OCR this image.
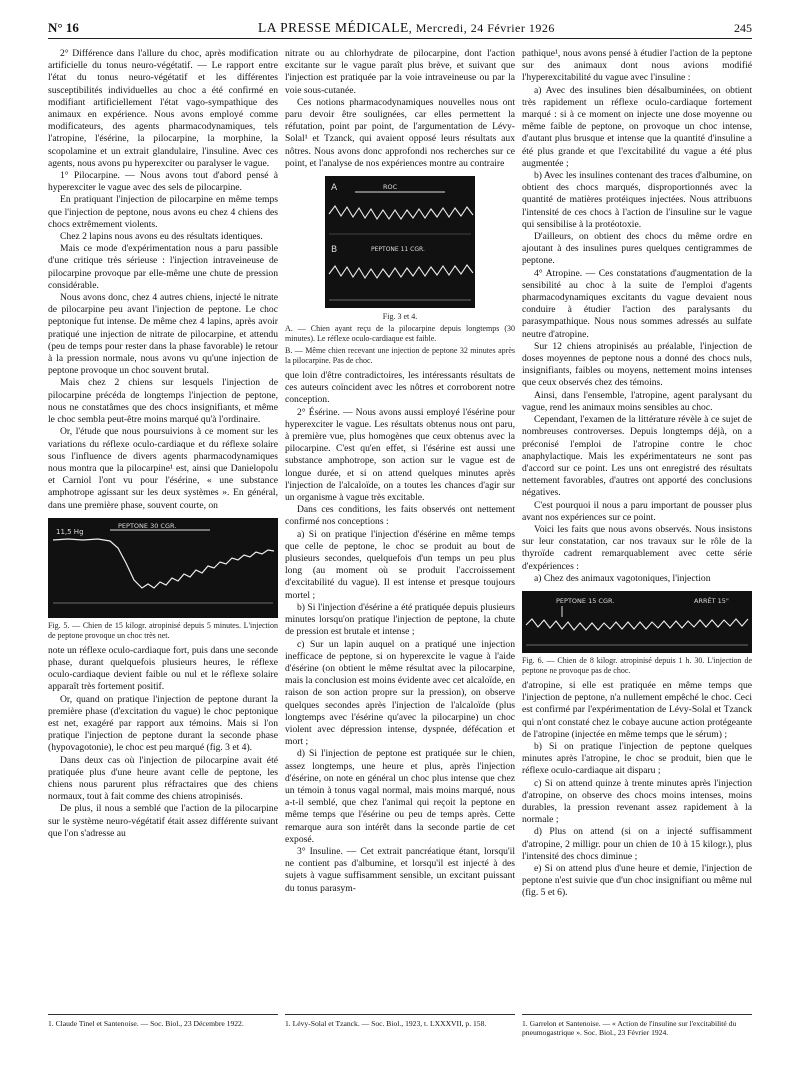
N° 16	LA PRESSE MÉDICALE, Mercredi, 24 Février 1926	245

2° Différence dans l'allure du choc, après modification artificielle du tonus neuro-végétatif. — Le rapport entre l'état du tonus neuro-végétatif et les différentes susceptibilités individuelles au choc a été confirmé en modifiant artificiellement l'état vago-sympathique des animaux en expérience. Nous avons employé comme modificateurs, des agents pharmacodynamiques, tels l'atropine, l'ésérine, la pilocarpine, la morphine, la scopolamine et un extrait glandulaire, l'insuline. Avec ces agents, nous avons pu hyperexciter ou paralyser le vague.

1° Pilocarpine. — Nous avons tout d'abord pensé à hyperexciter le vague avec des sels de pilocarpine.

En pratiquant l'injection de pilocarpine en même temps que l'injection de peptone, nous avons eu chez 4 chiens des chocs extrêmement violents.

Chez 2 lapins nous avons eu des résultats identiques.

Mais ce mode d'expérimentation nous a paru passible d'une critique très sérieuse : l'injection intraveineuse de pilocarpine provoque par elle-même une chute de pression considérable.

Nous avons donc, chez 4 autres chiens, injecté le nitrate de pilocarpine peu avant l'injection de peptone. Le choc peptonique fut intense. De même chez 4 lapins, après avoir pratiqué une injection de nitrate de pilocarpine, et attendu (peu de temps pour rester dans la phase favorable) le retour à la pression normale, nous avons vu qu'une injection de peptone provoque un choc souvent brutal.

Mais chez 2 chiens sur lesquels l'injection de pilocarpine précéda de longtemps l'injection de peptone, nous ne constatâmes que des chocs insignifiants, et même le choc sembla peut-être moins marqué qu'à l'ordinaire.

Or, l'étude que nous poursuivions à ce moment sur les variations du réflexe oculo-cardiaque et du réflexe solaire sous l'influence de divers agents pharmacodynamiques nous montra que la pilocarpine¹ est, ainsi que Danielopolu et Carniol l'ont vu pour l'ésérine, « une substance amphotrope agissant sur les deux systèmes ». En général, dans une première phase, souvent courte, on

11,5 Hg
PEPTONE 30 CGR.
Fig. 5. — Chien de 15 kilogr. atropinisé depuis 5 minutes. L'injection de peptone provoque un choc très net.

note un réflexe oculo-cardiaque fort, puis dans une seconde phase, durant quelquefois plusieurs heures, le réflexe oculo-cardiaque devient faible ou nul et le réflexe solaire apparaît très fortement positif.

Or, quand on pratique l'injection de peptone durant la première phase (d'excitation du vague) le choc peptonique est net, exagéré par rapport aux témoins. Mais si l'on pratique l'injection de peptone durant la seconde phase (hypovagotonie), le choc est peu marqué (fig. 3 et 4).

Dans deux cas où l'injection de pilocarpine avait été pratiquée plus d'une heure avant celle de peptone, les chiens nous parurent plus réfractaires que des chiens normaux, tout à fait comme des chiens atropinisés.

De plus, il nous a semblé que l'action de la pilocarpine sur le système neuro-végétatif était assez différente suivant que l'on s'adresse au

nitrate ou au chlorhydrate de pilocarpine, dont l'action excitante sur le vague paraît plus brève, et suivant que l'injection est pratiquée par la voie intraveineuse ou par la voie sous-cutanée.

Ces notions pharmacodynamiques nouvelles nous ont paru devoir être soulignées, car elles permettent la réfutation, point par point, de l'argumentation de Lévy-Solal¹ et Tzanck, qui avaient opposé leurs résultats aux nôtres. Nous avons donc approfondi nos recherches sur ce point, et l'analyse de nos expériences montre au contraire

A	ROC
B	PEPTONE 11 CGR.
Fig. 3 et 4.
A. — Chien ayant reçu de la pilocarpine depuis longtemps (30 minutes). Le réflexe oculo-cardiaque est faible.
B. — Même chien recevant une injection de peptone 32 minutes après la pilocarpine. Pas de choc.

que loin d'être contradictoires, les intéressants résultats de ces auteurs coïncident avec les nôtres et corroborent notre conception.

2° Ésérine. — Nous avons aussi employé l'ésérine pour hyperexciter le vague. Les résultats obtenus nous ont paru, à première vue, plus homogènes que ceux obtenus avec la pilocarpine. C'est qu'en effet, si l'ésérine est aussi une substance amphotrope, son action sur le vague est de longue durée, et si on attend quelques minutes après l'injection de l'alcaloïde, on a toutes les chances d'agir sur un organisme à vague très excitable.

Dans ces conditions, les faits observés ont nettement confirmé nos conceptions :

a) Si on pratique l'injection d'ésérine en même temps que celle de peptone, le choc se produit au bout de plusieurs secondes, quelquefois d'un temps un peu plus long (au moment où se produit l'accroissement d'excitabilité du vague). Il est intense et presque toujours mortel ;

b) Si l'injection d'ésérine a été pratiquée depuis plusieurs minutes lorsqu'on pratique l'injection de peptone, la chute de pression est brutale et intense ;

c) Sur un lapin auquel on a pratiqué une injection inefficace de peptone, si on hyperexcite le vague à l'aide d'ésérine (on obtient le même résultat avec la pilocarpine, mais la conclusion est moins évidente avec cet alcaloïde, en raison de son action propre sur la pression), on observe quelques secondes après l'injection de l'alcaloïde (plus longtemps avec l'ésérine qu'avec la pilocarpine) un choc violent avec dépression intense, dyspnée, défécation et mort ;

d) Si l'injection de peptone est pratiquée sur le chien, assez longtemps, une heure et plus, après l'injection d'ésérine, on note en général un choc plus intense que chez un témoin à tonus vagal normal, mais moins marqué, nous a-t-il semblé, que chez l'animal qui reçoit la peptone en même temps que l'ésérine ou peu de temps après. Cette remarque aura son intérêt dans la seconde partie de cet exposé.

3° Insuline. — Cet extrait pancréatique étant, lorsqu'il ne contient pas d'albumine, et lorsqu'il est injecté à des sujets à vague suffisamment sensible, un excitant puissant du tonus parasym-

pathique¹, nous avons pensé à étudier l'action de la peptone sur des animaux dont nous avions modifié l'hyperexcitabilité du vague avec l'insuline :

a) Avec des insulines bien désalbuminées, on obtient très rapidement un réflexe oculo-cardiaque fortement marqué : si à ce moment on injecte une dose moyenne ou même faible de peptone, on provoque un choc intense, d'autant plus brusque et intense que la quantité d'insuline a été plus grande et que l'excitabilité du vague a été plus augmentée ;

b) Avec les insulines contenant des traces d'albumine, on obtient des chocs marqués, disproportionnés avec la quantité de matières protéiques injectées. Nous attribuons l'intensité de ces chocs à l'action de l'insuline sur le vague qui sensibilise à la protéotoxie.

D'ailleurs, on obtient des chocs du même ordre en ajoutant à des insulines pures quelques centigrammes de peptone.

4° Atropine. — Ces constatations d'augmentation de la sensibilité au choc à la suite de l'emploi d'agents pharmacodynamiques excitants du vague devaient nous conduire à étudier l'action des paralysants du parasympathique. Nous nous sommes adressés au sulfate neutre d'atropine.

Sur 12 chiens atropinisés au préalable, l'injection de doses moyennes de peptone nous a donné des chocs nuls, insignifiants, faibles ou moyens, nettement moins intenses que ceux observés chez des témoins.

Ainsi, dans l'ensemble, l'atropine, agent paralysant du vague, rend les animaux moins sensibles au choc.

Cependant, l'examen de la littérature révèle à ce sujet de nombreuses controverses. Depuis longtemps déjà, on a préconisé l'emploi de l'atropine contre le choc anaphylactique. Mais les expérimentateurs ne sont pas d'accord sur ce point. Les uns ont enregistré des résultats nettement favorables, d'autres ont apporté des conclusions négatives.

C'est pourquoi il nous a paru important de pousser plus avant nos expériences sur ce point.

Voici les faits que nous avons observés. Nous insistons sur leur constatation, car nos travaux sur le rôle de la thyroïde cadrent remarquablement avec cette série d'expériences :

a) Chez des animaux vagotoniques, l'injection

PEPTONE 15 CGR.	ARRÊT 15"
Fig. 6. — Chien de 8 kilogr. atropinisé depuis 1 h. 30. L'injection de peptone ne provoque pas de choc.

d'atropine, si elle est pratiquée en même temps que l'injection de peptone, n'a nullement empêché le choc. Ceci est confirmé par l'expérimentation de Lévy-Solal et Tzanck qui n'ont constaté chez le cobaye aucune action protégeante de l'atropine (injectée en même temps que le sérum) ;

b) Si on pratique l'injection de peptone quelques minutes après l'atropine, le choc se produit, bien que le réflexe oculo-cardiaque ait disparu ;

c) Si on attend quinze à trente minutes après l'injection d'atropine, on observe des chocs moins intenses, moins durables, la pression revenant assez rapidement à la normale ;

d) Plus on attend (si on a injecté suffisamment d'atropine, 2 milligr. pour un chien de 10 à 15 kilogr.), plus l'intensité des chocs diminue ;

e) Si on attend plus d'une heure et demie, l'injection de peptone n'est suivie que d'un choc insignifiant ou même nul (fig. 5 et 6).

1. Claude Tinel et Santenoise. — Soc. Biol., 23 Décembre 1922.	1. Lévy-Solal et Tzanck. — Soc. Biol., 1923, t. LXXXVII, p. 158.	1. Garrelon et Santenoise. — « Action de l'insuline sur l'excitabilité du pneumogastrique ». Soc. Biol., 23 Février 1924.
